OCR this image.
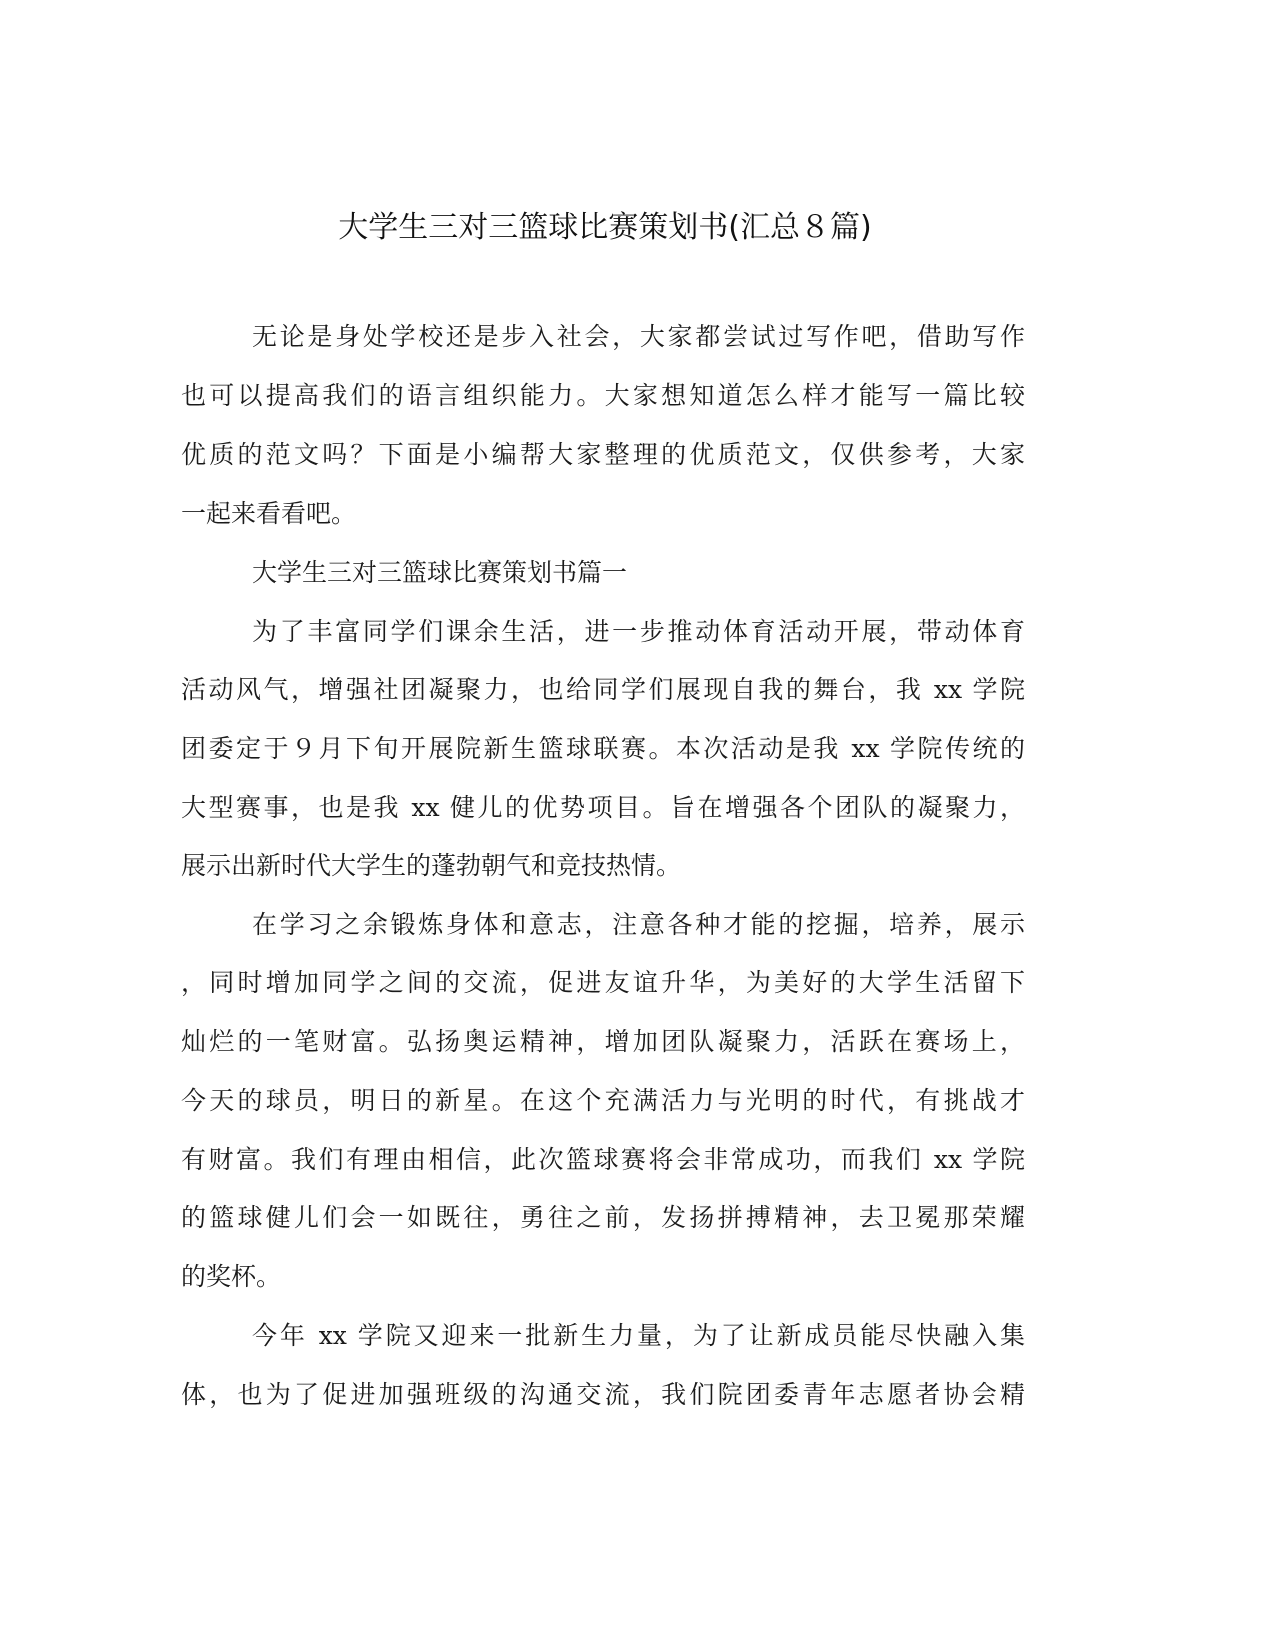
大学生三对三篮球比赛策划书(汇总８篇)
无论是身处学校还是步入社会，大家都尝试过写作吧，借助写作
也可以提高我们的语言组织能力。大家想知道怎么样才能写一篇比较
优质的范文吗？下面是小编帮大家整理的优质范文，仅供参考，大家
一起来看看吧。
大学生三对三篮球比赛策划书篇一
为了丰富同学们课余生活，进一步推动体育活动开展，带动体育
活动风气，增强社团凝聚力，也给同学们展现自我的舞台，我 xx 学院
团委定于９月下旬开展院新生篮球联赛。本次活动是我 xx 学院传统的
大型赛事，也是我 xx 健儿的优势项目。旨在增强各个团队的凝聚力，
展示出新时代大学生的蓬勃朝气和竞技热情。
在学习之余锻炼身体和意志，注意各种才能的挖掘，培养，展示
，同时增加同学之间的交流，促进友谊升华，为美好的大学生活留下
灿烂的一笔财富。弘扬奥运精神，增加团队凝聚力，活跃在赛场上，
今天的球员，明日的新星。在这个充满活力与光明的时代，有挑战才
有财富。我们有理由相信，此次篮球赛将会非常成功，而我们 xx 学院
的篮球健儿们会一如既往，勇往之前，发扬拼搏精神，去卫冕那荣耀
的奖杯。
今年 xx 学院又迎来一批新生力量，为了让新成员能尽快融入集
体，也为了促进加强班级的沟通交流，我们院团委青年志愿者协会精
